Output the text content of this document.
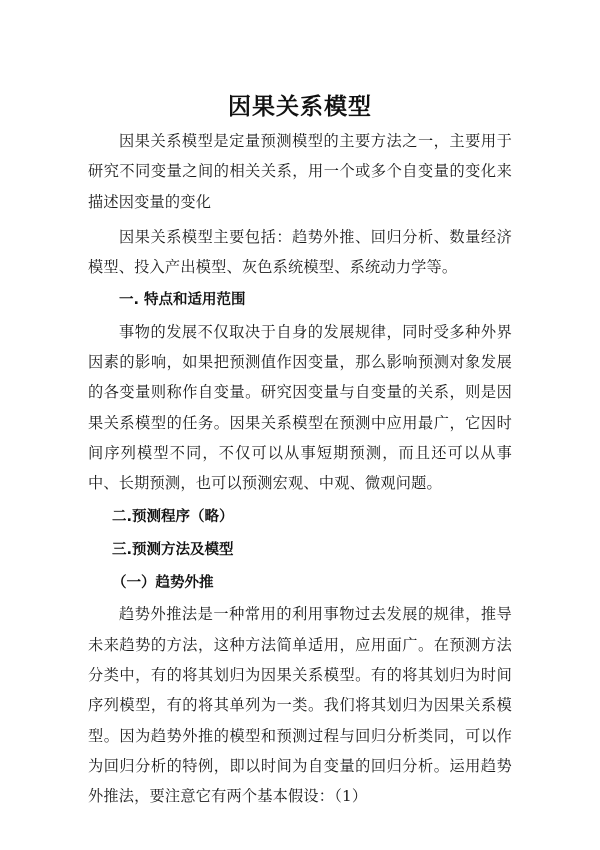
因果关系模型

因果关系模型是定量预测模型的主要方法之一，主要用于研究不同变量之间的相关关系，用一个或多个自变量的变化来描述因变量的变化

因果关系模型主要包括：趋势外推、回归分析、数量经济模型、投入产出模型、灰色系统模型、系统动力学等。

一. 特点和适用范围

事物的发展不仅取决于自身的发展规律，同时受多种外界因素的影响，如果把预测值作因变量，那么影响预测对象发展的各变量则称作自变量。研究因变量与自变量的关系，则是因果关系模型的任务。因果关系模型在预测中应用最广，它因时间序列模型不同，不仅可以从事短期预测，而且还可以从事中、长期预测，也可以预测宏观、中观、微观问题。

二.预测程序（略）
三.预测方法及模型
（一）趋势外推

趋势外推法是一种常用的利用事物过去发展的规律，推导未来趋势的方法，这种方法简单适用，应用面广。在预测方法分类中，有的将其划归为因果关系模型。有的将其划归为时间序列模型，有的将其单列为一类。我们将其划归为因果关系模型。因为趋势外推的模型和预测过程与回归分析类同，可以作为回归分析的特例，即以时间为自变量的回归分析。运用趋势外推法，要注意它有两个基本假设：（1）
